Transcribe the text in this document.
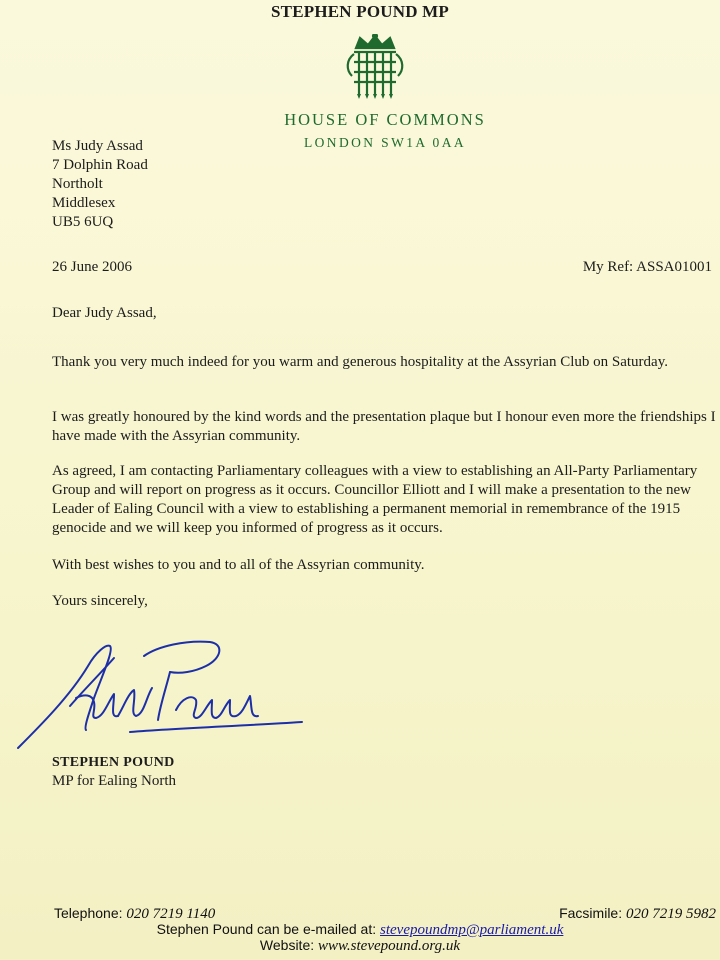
STEPHEN POUND MP
HOUSE OF COMMONS
LONDON SW1A 0AA
Ms Judy Assad
7 Dolphin Road
Northolt
Middlesex
UB5 6UQ
26 June 2006	My Ref: ASSA01001
Dear Judy Assad,
Thank you very much indeed for you warm and generous hospitality at the Assyrian Club on Saturday.
I was greatly honoured by the kind words and the presentation plaque but I honour even more the friendships I have made with the Assyrian community.
As agreed, I am contacting Parliamentary colleagues with a view to establishing an All-Party Parliamentary Group and will report on progress as it occurs. Councillor Elliott and I will make a presentation to the new Leader of Ealing Council with a view to establishing a permanent memorial in remembrance of the 1915 genocide and we will keep you informed of progress as it occurs.
With best wishes to you and to all of the Assyrian community.
Yours sincerely,
STEPHEN POUND
MP for Ealing North
Telephone: 020 7219 1140	Facsimile: 020 7219 5982
Stephen Pound can be e-mailed at: stevepoundmp@parliament.uk
Website: www.stevepound.org.uk
